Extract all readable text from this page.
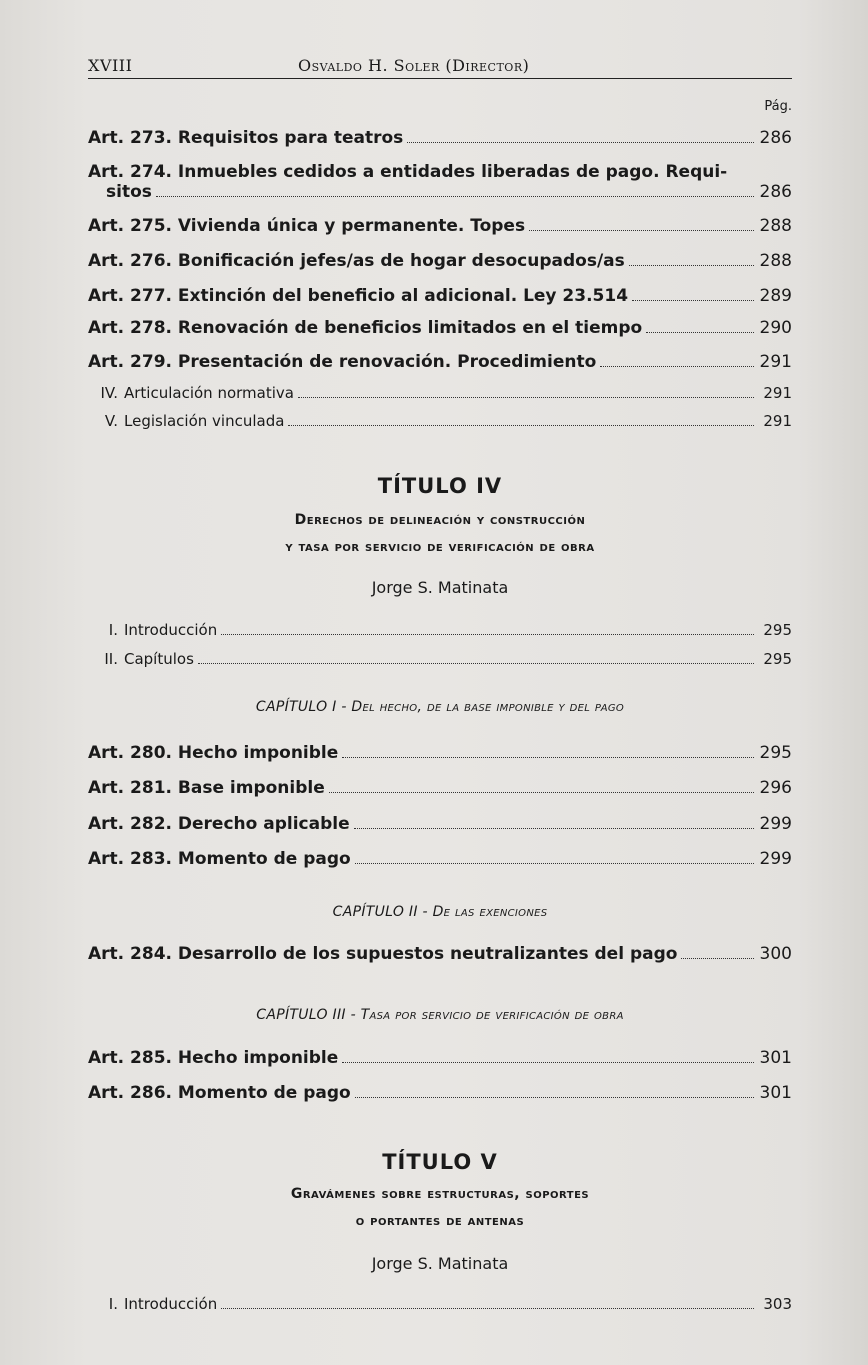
XVIII	Osvaldo H. Soler (Director)
Pág.
Art. 273. Requisitos para teatros	286
Art. 274. Inmuebles cedidos a entidades liberadas de pago. Requi-
sitos	286
Art. 275. Vivienda única y permanente. Topes	288
Art. 276. Bonificación jefes/as de hogar desocupados/as	288
Art. 277. Extinción del beneficio al adicional. Ley 23.514	289
Art. 278. Renovación de beneficios limitados en el tiempo	290
Art. 279. Presentación de renovación. Procedimiento	291
IV. Articulación normativa	291
V. Legislación vinculada	291
TÍTULO IV
Derechos de delineación y construcción
y tasa por servicio de verificación de obra
Jorge S. Matinata
I. Introducción	295
II. Capítulos	295
CAPÍTULO I - Del hecho, de la base imponible y del pago
Art. 280. Hecho imponible	295
Art. 281. Base imponible	296
Art. 282. Derecho aplicable	299
Art. 283. Momento de pago	299
CAPÍTULO II - De las exenciones
Art. 284. Desarrollo de los supuestos neutralizantes del pago	300
CAPÍTULO III - Tasa por servicio de verificación de obra
Art. 285. Hecho imponible	301
Art. 286. Momento de pago	301
TÍTULO V
Gravámenes sobre estructuras, soportes
o portantes de antenas
Jorge S. Matinata
I. Introducción	303
